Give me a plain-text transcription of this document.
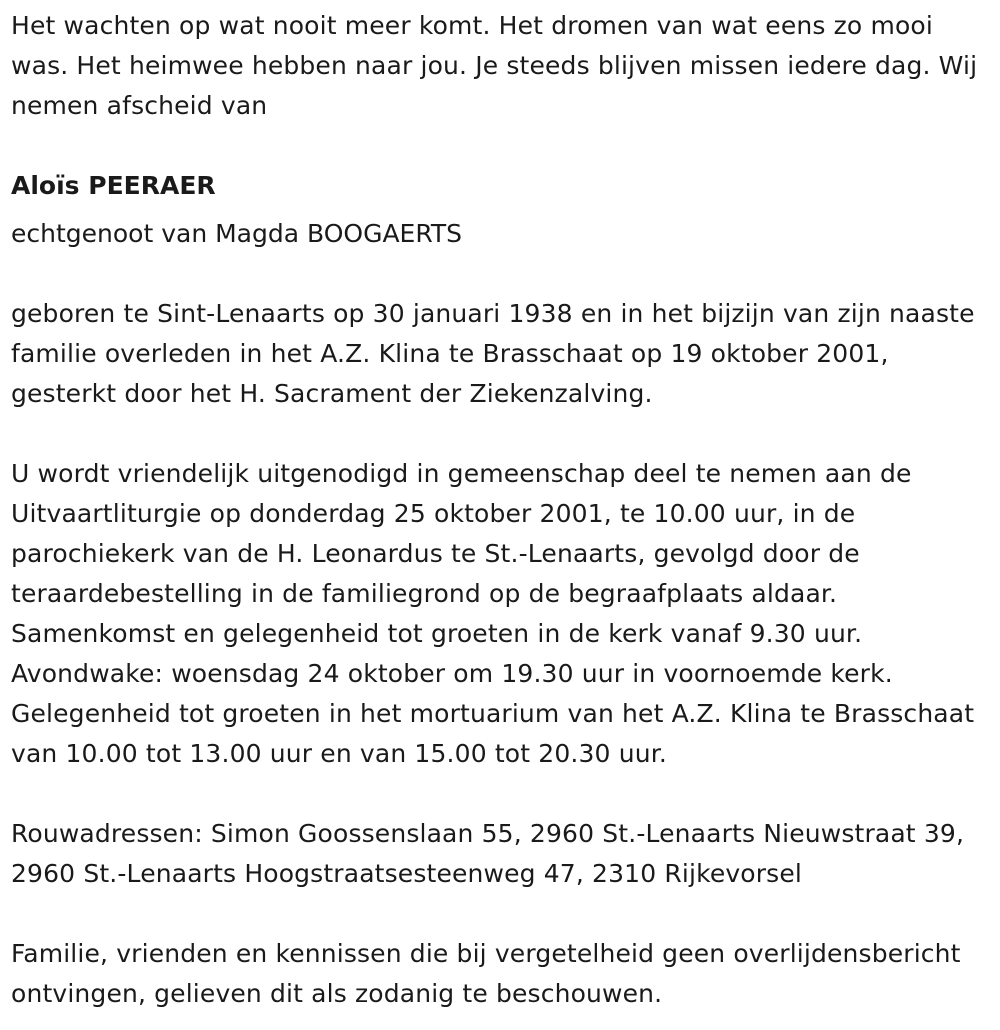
Het wachten op wat nooit meer komt. Het dromen van wat eens zo mooi was. Het heimwee hebben naar jou. Je steeds blijven missen iedere dag. Wij nemen afscheid van

Aloïs PEERAER

echtgenoot van Magda BOOGAERTS

geboren te Sint-Lenaarts op 30 januari 1938 en in het bijzijn van zijn naaste familie overleden in het A.Z. Klina te Brasschaat op 19 oktober 2001, gesterkt door het H. Sacrament der Ziekenzalving.

U wordt vriendelijk uitgenodigd in gemeenschap deel te nemen aan de Uitvaartliturgie op donderdag 25 oktober 2001, te 10.00 uur, in de parochiekerk van de H. Leonardus te St.-Lenaarts, gevolgd door de teraardebestelling in de familiegrond op de begraafplaats aldaar. Samenkomst en gelegenheid tot groeten in de kerk vanaf 9.30 uur. Avondwake: woensdag 24 oktober om 19.30 uur in voornoemde kerk. Gelegenheid tot groeten in het mortuarium van het A.Z. Klina te Brasschaat van 10.00 tot 13.00 uur en van 15.00 tot 20.30 uur.

Rouwadressen: Simon Goossenslaan 55, 2960 St.-Lenaarts Nieuwstraat 39, 2960 St.-Lenaarts Hoogstraatsesteenweg 47, 2310 Rijkevorsel

Familie, vrienden en kennissen die bij vergetelheid geen overlijdensbericht ontvingen, gelieven dit als zodanig te beschouwen.
